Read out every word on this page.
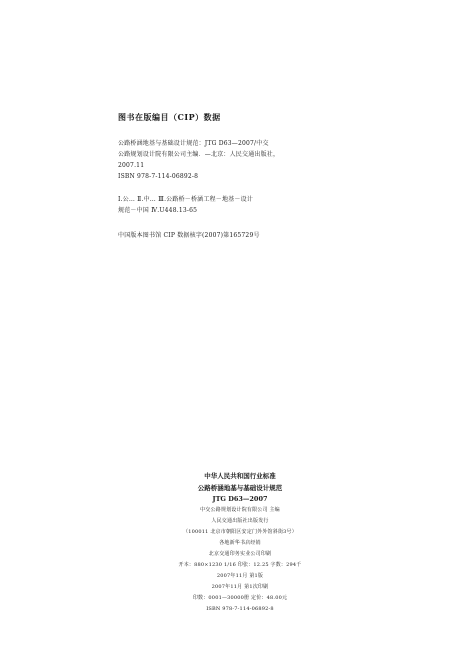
图书在版编目（CIP）数据
公路桥涵地基与基础设计规范：JTG D63—2007/中交
公路规划设计院有限公司主编．—北京：人民交通出版社，
2007.11
ISBN 978-7-114-06892-8
Ⅰ.公… Ⅱ.中… Ⅲ.公路桥－桥涵工程－地基－设计
规范－中国 Ⅳ.U448.13-65
中国版本图书馆 CIP 数据核字(2007)第165729号
中华人民共和国行业标准
公路桥涵地基与基础设计规范
JTG D63—2007
中交公路规划设计院有限公司 主编
人民交通出版社出版发行
（100011 北京市朝阳区安定门外外馆斜街3号）
各地新华书店经销
北京交通印务实业公司印刷
开本：880×1230 1/16 印张：12.25 字数：294千
2007年11月 第1版
2007年11月 第1次印刷
印数：0001—30000册 定价：48.00元
ISBN 978-7-114-06892-8
